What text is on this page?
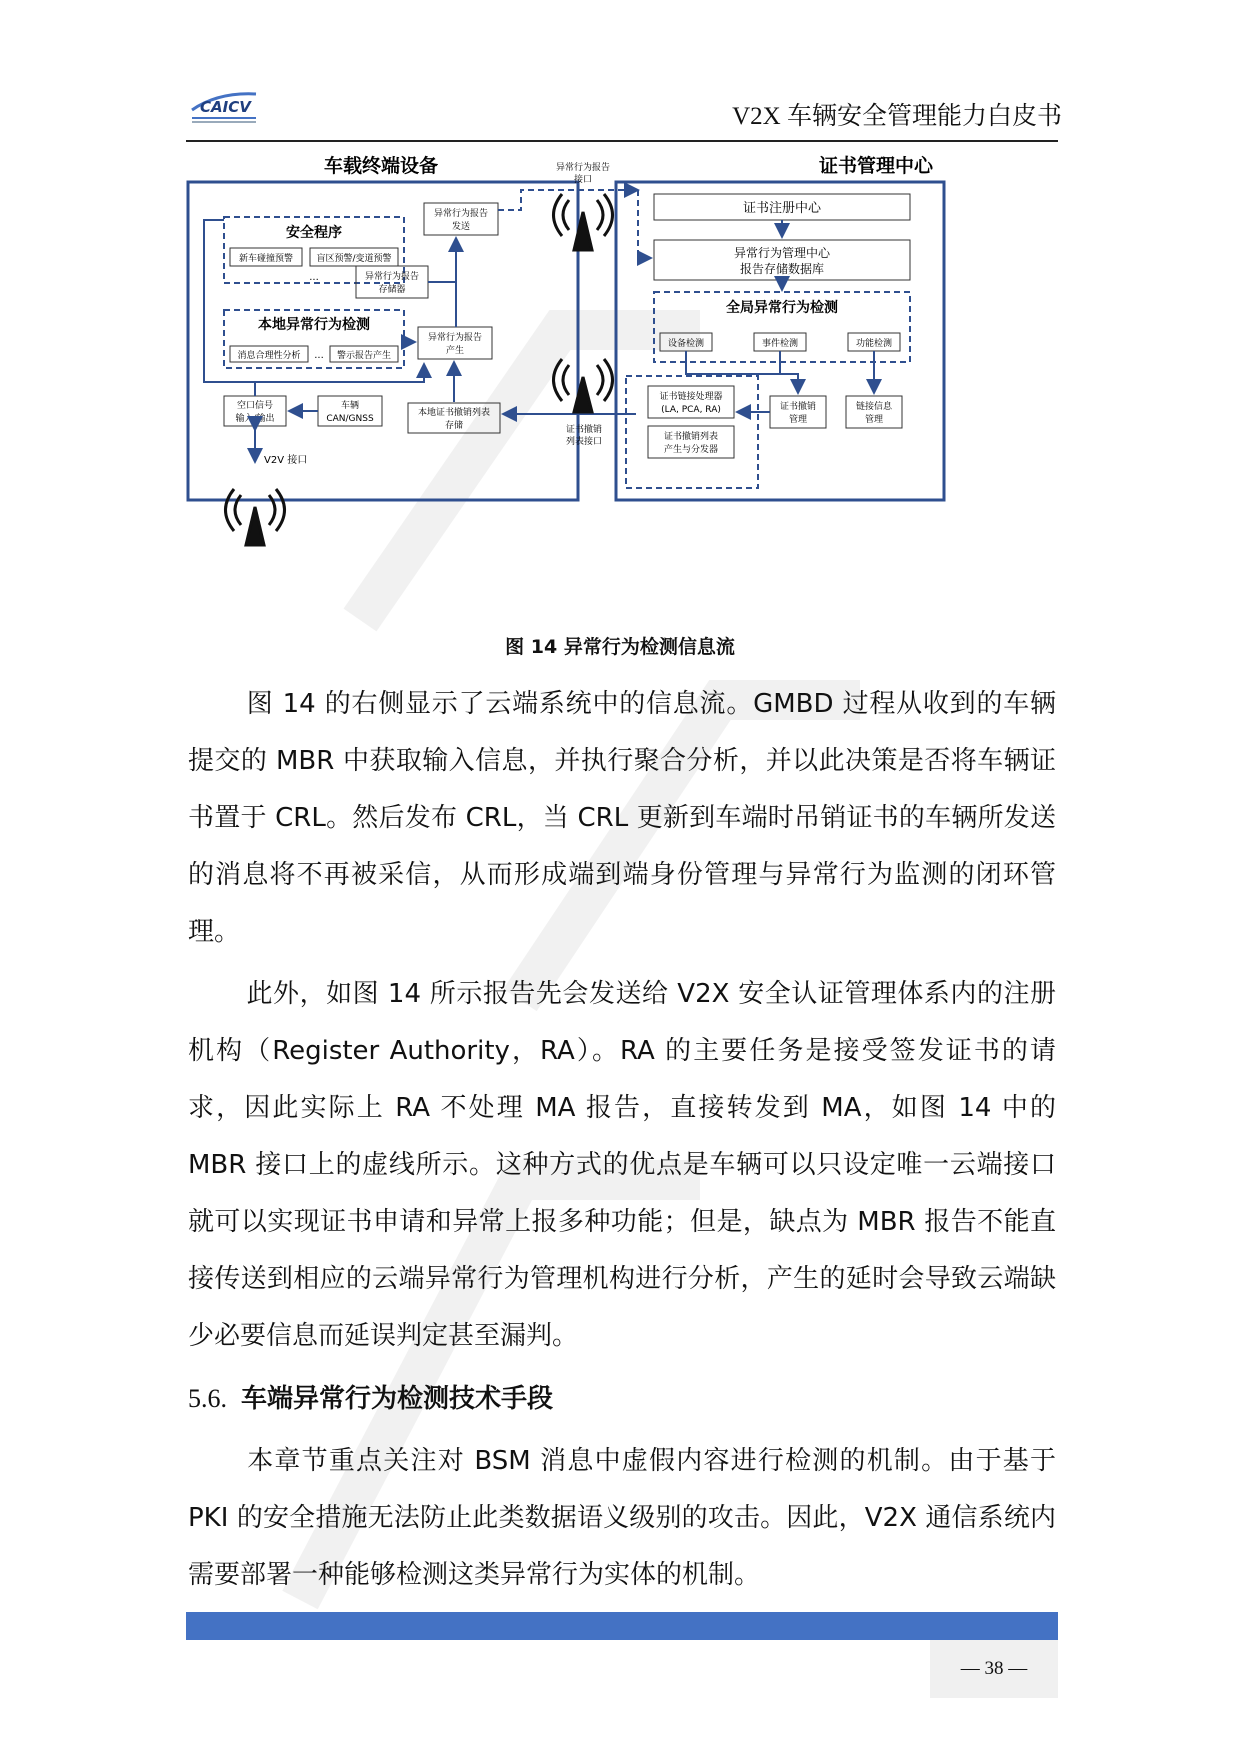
CAICV	V2X 车辆安全管理能力白皮书
车载终端设备	证书管理中心
安全程序
新车碰撞预警	盲区预警/变道预警
...
异常行为报告
发送
异常行为报告
存储器
本地异常行为检测
消息合理性分析 ... 警示报告产生
异常行为报告
产生
空口信号
输入/输出
车辆
CAN/GNSS
本地证书撤销列表
存储
异常行为报告
接口
证书撤销
列表接口
V2V 接口
证书注册中心
异常行为管理中心
报告存储数据库
全局异常行为检测
设备检测	事件检测	功能检测
证书链接处理器
(LA, PCA, RA)
证书撤销列表
产生与分发器
证书撤销
管理
链接信息
管理
图 14 异常行为检测信息流

图 14 的右侧显示了云端系统中的信息流。GMBD 过程从收到的车辆提交的 MBR 中获取输入信息，并执行聚合分析，并以此决策是否将车辆证书置于 CRL。然后发布 CRL，当 CRL 更新到车端时吊销证书的车辆所发送的消息将不再被采信，从而形成端到端身份管理与异常行为监测的闭环管理。

此外，如图 14 所示报告先会发送给 V2X 安全认证管理体系内的注册机构（Register Authority，RA）。RA 的主要任务是接受签发证书的请求，因此实际上 RA 不处理 MA 报告，直接转发到 MA，如图 14 中的 MBR 接口上的虚线所示。这种方式的优点是车辆可以只设定唯一云端接口就可以实现证书申请和异常上报多种功能；但是，缺点为 MBR 报告不能直接传送到相应的云端异常行为管理机构进行分析，产生的延时会导致云端缺少必要信息而延误判定甚至漏判。

5.6. 车端异常行为检测技术手段

本章节重点关注对 BSM 消息中虚假内容进行检测的机制。由于基于 PKI 的安全措施无法防止此类数据语义级别的攻击。因此，V2X 通信系统内需要部署一种能够检测这类异常行为实体的机制。

— 38 —
